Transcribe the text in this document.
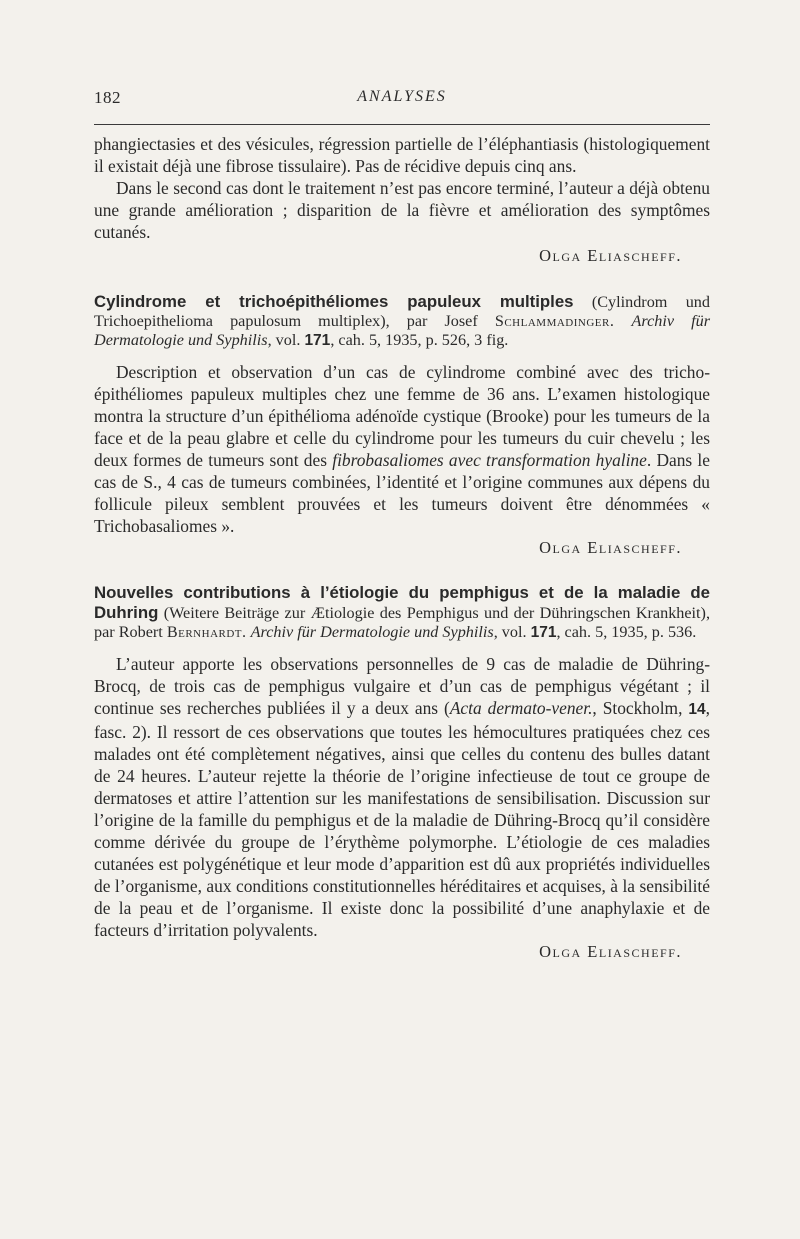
182	ANALYSES

phangiectasies et des vésicules, régression partielle de l’éléphantiasis (histologiquement il existait déjà une fibrose tissulaire). Pas de récidive depuis cinq ans.

Dans le second cas dont le traitement n’est pas encore terminé, l’auteur a déjà obtenu une grande amélioration ; disparition de la fièvre et amélioration des symptômes cutanés.

Olga Eliascheff.

Cylindrome et trichoépithéliomes papuleux multiples (Cylindrom und Trichoepithelioma papulosum multiplex), par Josef Schlammadinger. Archiv für Dermatologie und Syphilis, vol. 171, cah. 5, 1935, p. 526, 3 fig.

Description et observation d’un cas de cylindrome combiné avec des tricho-épithéliomes papuleux multiples chez une femme de 36 ans. L’examen histologique montra la structure d’un épithélioma adénoïde cystique (Brooke) pour les tumeurs de la face et de la peau glabre et celle du cylindrome pour les tumeurs du cuir chevelu ; les deux formes de tumeurs sont des fibrobasaliomes avec transformation hyaline. Dans le cas de S., 4 cas de tumeurs combinées, l’identité et l’origine communes aux dépens du follicule pileux semblent prouvées et les tumeurs doivent être dénommées « Trichobasaliomes ».

Olga Eliascheff.

Nouvelles contributions à l’étiologie du pemphigus et de la maladie de Duhring (Weitere Beiträge zur Ætiologie des Pemphigus und der Dühringschen Krankheit), par Robert Bernhardt. Archiv für Dermatologie und Syphilis, vol. 171, cah. 5, 1935, p. 536.

L’auteur apporte les observations personnelles de 9 cas de maladie de Dühring-Brocq, de trois cas de pemphigus vulgaire et d’un cas de pemphigus végétant ; il continue ses recherches publiées il y a deux ans (Acta dermato-vener., Stockholm, 14, fasc. 2). Il ressort de ces observations que toutes les hémocultures pratiquées chez ces malades ont été complètement négatives, ainsi que celles du contenu des bulles datant de 24 heures. L’auteur rejette la théorie de l’origine infectieuse de tout ce groupe de dermatoses et attire l’attention sur les manifestations de sensibilisation. Discussion sur l’origine de la famille du pemphigus et de la maladie de Dühring-Brocq qu’il considère comme dérivée du groupe de l’érythème polymorphe. L’étiologie de ces maladies cutanées est polygénétique et leur mode d’apparition est dû aux propriétés individuelles de l’organisme, aux conditions constitutionnelles héréditaires et acquises, à la sensibilité de la peau et de l’organisme. Il existe donc la possibilité d’une anaphylaxie et de facteurs d’irritation polyvalents.

Olga Eliascheff.
